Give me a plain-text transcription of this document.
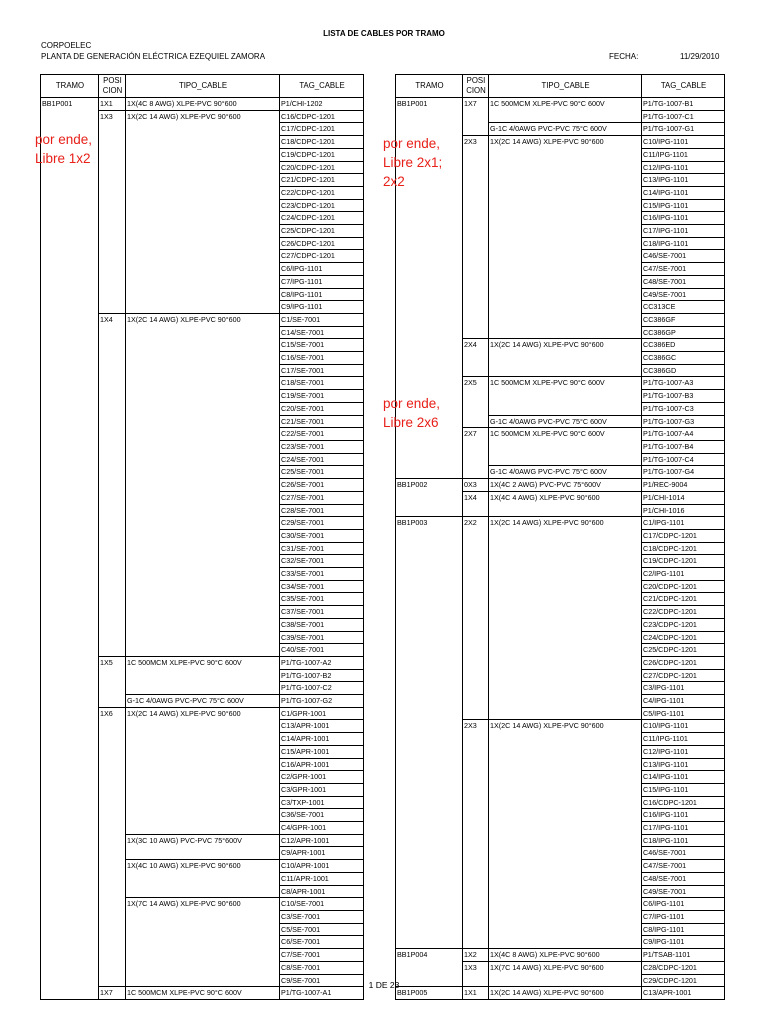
LISTA DE CABLES POR TRAMO
CORPOELEC
PLANTA DE GENERACIÓN ELÉCTRICA EZEQUIEL ZAMORA	FECHA:	11/29/2010
TRAMO	POSI
CION	TIPO_CABLE	TAG_CABLE
BB1P001	1X1	1X(4C 8 AWG) XLPE-PVC 90°600	P1/CHI-1202
	1X3	1X(2C 14 AWG) XLPE-PVC 90°600	C16/CDPC-1201
			C17/CDPC-1201
			C18/CDPC-1201
			C19/CDPC-1201
			C20/CDPC-1201
			C21/CDPC-1201
			C22/CDPC-1201
			C23/CDPC-1201
			C24/CDPC-1201
			C25/CDPC-1201
			C26/CDPC-1201
			C27/CDPC-1201
			C6/IPG-1101
			C7/IPG-1101
			C8/IPG-1101
			C9/IPG-1101
	1X4	1X(2C 14 AWG) XLPE-PVC 90°600	C1/SE-7001
			C14/SE-7001
			C15/SE-7001
			C16/SE-7001
			C17/SE-7001
			C18/SE-7001
			C19/SE-7001
			C20/SE-7001
			C21/SE-7001
			C22/SE-7001
			C23/SE-7001
			C24/SE-7001
			C25/SE-7001
			C26/SE-7001
			C27/SE-7001
			C28/SE-7001
			C29/SE-7001
			C30/SE-7001
			C31/SE-7001
			C32/SE-7001
			C33/SE-7001
			C34/SE-7001
			C35/SE-7001
			C37/SE-7001
			C38/SE-7001
			C39/SE-7001
			C40/SE-7001
	1X5	1C 500MCM XLPE-PVC 90°C 600V	P1/TG-1007-A2
			P1/TG-1007-B2
			P1/TG-1007-C2
		G-1C 4/0AWG PVC-PVC 75°C 600V	P1/TG-1007-G2
	1X6	1X(2C 14 AWG) XLPE-PVC 90°600	C1/GPR-1001
			C13/APR-1001
			C14/APR-1001
			C15/APR-1001
			C16/APR-1001
			C2/GPR-1001
			C3/GPR-1001
			C3/TXP-1001
			C36/SE-7001
			C4/GPR-1001
		1X(3C 10 AWG) PVC-PVC 75°600V	C12/APR-1001
			C9/APR-1001
		1X(4C 10 AWG) XLPE-PVC 90°600	C10/APR-1001
			C11/APR-1001
			C8/APR-1001
		1X(7C 14 AWG) XLPE-PVC 90°600	C10/SE-7001
			C3/SE-7001
			C5/SE-7001
			C6/SE-7001
			C7/SE-7001
			C8/SE-7001
			C9/SE-7001
	1X7	1C 500MCM XLPE-PVC 90°C 600V	P1/TG-1007-A1
TRAMO	POSI
CION	TIPO_CABLE	TAG_CABLE
BB1P001	1X7	1C 500MCM XLPE-PVC 90°C 600V	P1/TG-1007-B1
			P1/TG-1007-C1
		G-1C 4/0AWG PVC-PVC 75°C 600V	P1/TG-1007-G1
	2X3	1X(2C 14 AWG) XLPE-PVC 90°600	C10/IPG-1101
			C11/IPG-1101
			C12/IPG-1101
			C13/IPG-1101
			C14/IPG-1101
			C15/IPG-1101
			C16/IPG-1101
			C17/IPG-1101
			C18/IPG-1101
			C46/SE-7001
			C47/SE-7001
			C48/SE-7001
			C49/SE-7001
			CC313CE
			CC386GF
			CC386GP
	2X4	1X(2C 14 AWG) XLPE-PVC 90°600	CC386ED
			CC386GC
			CC386GD
	2X5	1C 500MCM XLPE-PVC 90°C 600V	P1/TG-1007-A3
			P1/TG-1007-B3
			P1/TG-1007-C3
		G-1C 4/0AWG PVC-PVC 75°C 600V	P1/TG-1007-G3
	2X7	1C 500MCM XLPE-PVC 90°C 600V	P1/TG-1007-A4
			P1/TG-1007-B4
			P1/TG-1007-C4
		G-1C 4/0AWG PVC-PVC 75°C 600V	P1/TG-1007-G4
BB1P002	0X3	1X(4C 2 AWG) PVC-PVC 75°600V	P1/REC-9004
	1X4	1X(4C 4 AWG) XLPE-PVC 90°600	P1/CHI-1014
			P1/CHI-1016
BB1P003	2X2	1X(2C 14 AWG) XLPE-PVC 90°600	C1/IPG-1101
			C17/CDPC-1201
			C18/CDPC-1201
			C19/CDPC-1201
			C2/IPG-1101
			C20/CDPC-1201
			C21/CDPC-1201
			C22/CDPC-1201
			C23/CDPC-1201
			C24/CDPC-1201
			C25/CDPC-1201
			C26/CDPC-1201
			C27/CDPC-1201
			C3/IPG-1101
			C4/IPG-1101
			C5/IPG-1101
	2X3	1X(2C 14 AWG) XLPE-PVC 90°600	C10/IPG-1101
			C11/IPG-1101
			C12/IPG-1101
			C13/IPG-1101
			C14/IPG-1101
			C15/IPG-1101
			C16/CDPC-1201
			C16/IPG-1101
			C17/IPG-1101
			C18/IPG-1101
			C46/SE-7001
			C47/SE-7001
			C48/SE-7001
			C49/SE-7001
			C6/IPG-1101
			C7/IPG-1101
			C8/IPG-1101
			C9/IPG-1101
BB1P004	1X2	1X(4C 8 AWG) XLPE-PVC 90°600	P1/TSAB-1101
	1X3	1X(7C 14 AWG) XLPE-PVC 90°600	C28/CDPC-1201
			C29/CDPC-1201
BB1P005	1X1	1X(2C 14 AWG) XLPE-PVC 90°600	C13/APR-1001
por ende,
Libre 1x2
por ende,
Libre 2x1;
2x2
por ende,
Libre 2x6
1 DE 23
